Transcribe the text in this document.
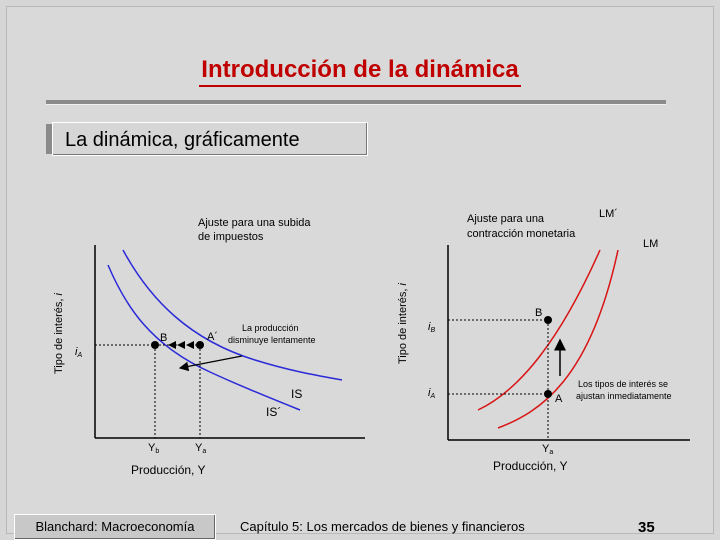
Introducción de la dinámica
La dinámica, gráficamente
Ajuste para una subida
de impuestos
Tipo de interés, i
B	A´
iA
La producción
disminuye lentamente
IS
IS´
Yb	Ya
Producción, Y
Ajuste para una
contracción monetaria
Tipo de interés, i
LM´
LM
B
A
iB
iA
Los tipos de interés se
ajustan inmediatamente
Ya
Producción, Y
Blanchard: Macroeconomía	Capítulo 5: Los mercados de bienes y financieros	35
